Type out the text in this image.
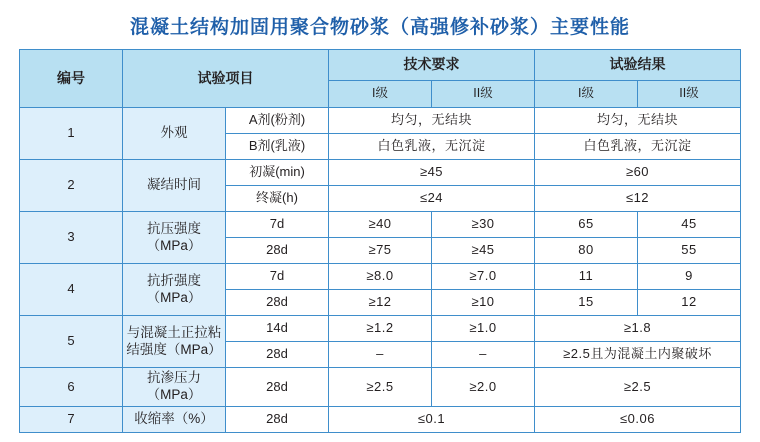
混凝土结构加固用聚合物砂浆（高强修补砂浆）主要性能
编号	试验项目		技术要求		试验结果	
			I级	II级	I级	II级
1	外观	A剂(粉剂)	均匀，无结块		均匀，无结块	
		B剂(乳液)	白色乳液，无沉淀		白色乳液，无沉淀	
2	凝结时间	初凝(min)	≥45		≥60	
		终凝(h)	≤24		≤12	
3	抗压强度（MPa）	7d	≥40	≥30	65	45
		28d	≥75	≥45	80	55
4	抗折强度（MPa）	7d	≥8.0	≥7.0	11	9
		28d	≥12	≥10	15	12
5	与混凝土正拉粘结强度（MPa）	14d	≥1.2	≥1.0	≥1.8	
		28d	–	–	≥2.5且为混凝土内聚破坏	
6	抗渗压力（MPa）	28d	≥2.5	≥2.0	≥2.5	
7	收缩率（%）	28d	≤0.1		≤0.06	
